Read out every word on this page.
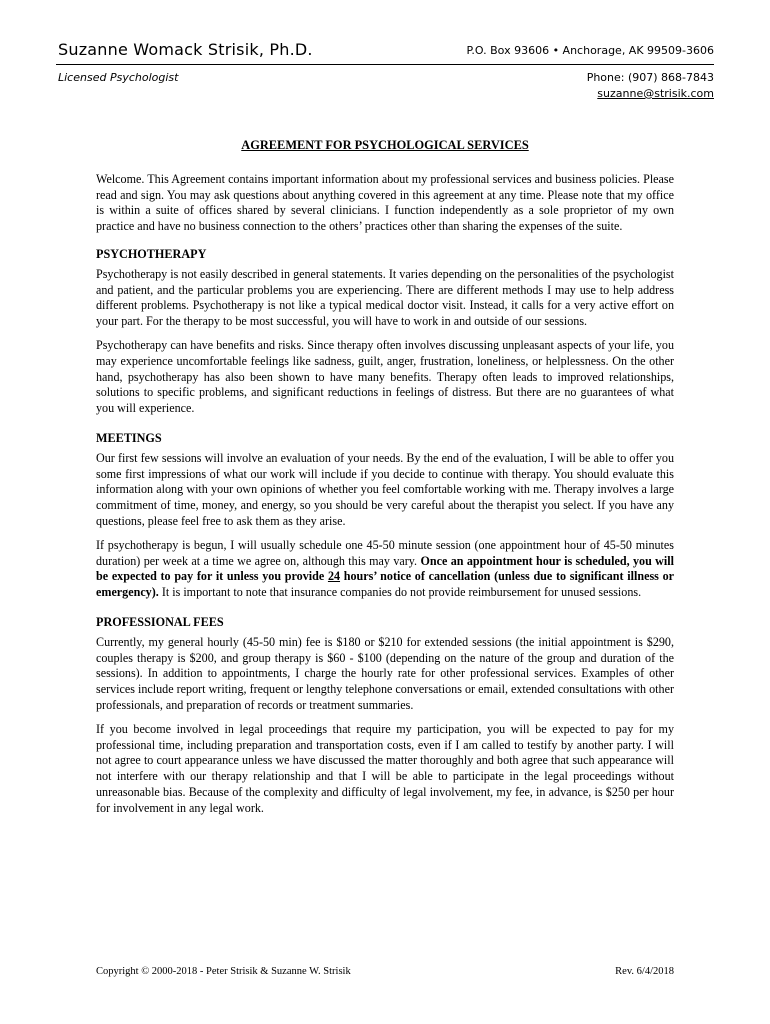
Suzanne Womack Strisik, Ph.D.	P.O. Box 93606 • Anchorage, AK 99509-3606
Licensed Psychologist	Phone: (907) 868-7843
suzanne@strisik.com
AGREEMENT FOR PSYCHOLOGICAL SERVICES

Welcome. This Agreement contains important information about my professional services and business policies. Please read and sign. You may ask questions about anything covered in this agreement at any time. Please note that my office is within a suite of offices shared by several clinicians. I function independently as a sole proprietor of my own practice and have no business connection to the others’ practices other than sharing the expenses of the suite.

PSYCHOTHERAPY

Psychotherapy is not easily described in general statements. It varies depending on the personalities of the psychologist and patient, and the particular problems you are experiencing. There are different methods I may use to help address different problems. Psychotherapy is not like a typical medical doctor visit. Instead, it calls for a very active effort on your part. For the therapy to be most successful, you will have to work in and outside of our sessions.

Psychotherapy can have benefits and risks. Since therapy often involves discussing unpleasant aspects of your life, you may experience uncomfortable feelings like sadness, guilt, anger, frustration, loneliness, or helplessness. On the other hand, psychotherapy has also been shown to have many benefits. Therapy often leads to improved relationships, solutions to specific problems, and significant reductions in feelings of distress. But there are no guarantees of what you will experience.

MEETINGS

Our first few sessions will involve an evaluation of your needs. By the end of the evaluation, I will be able to offer you some first impressions of what our work will include if you decide to continue with therapy. You should evaluate this information along with your own opinions of whether you feel comfortable working with me. Therapy involves a large commitment of time, money, and energy, so you should be very careful about the therapist you select. If you have any questions, please feel free to ask them as they arise.

If psychotherapy is begun, I will usually schedule one 45-50 minute session (one appointment hour of 45-50 minutes duration) per week at a time we agree on, although this may vary. Once an appointment hour is scheduled, you will be expected to pay for it unless you provide 24 hours’ notice of cancellation (unless due to significant illness or emergency). It is important to note that insurance companies do not provide reimbursement for unused sessions.

PROFESSIONAL FEES

Currently, my general hourly (45-50 min) fee is $180 or $210 for extended sessions (the initial appointment is $290, couples therapy is $200, and group therapy is $60 - $100 (depending on the nature of the group and duration of the sessions). In addition to appointments, I charge the hourly rate for other professional services. Examples of other services include report writing, frequent or lengthy telephone conversations or email, extended consultations with other professionals, and preparation of records or treatment summaries.

If you become involved in legal proceedings that require my participation, you will be expected to pay for my professional time, including preparation and transportation costs, even if I am called to testify by another party. I will not agree to court appearance unless we have discussed the matter thoroughly and both agree that such appearance will not interfere with our therapy relationship and that I will be able to participate in the legal proceedings without unreasonable bias. Because of the complexity and difficulty of legal involvement, my fee, in advance, is $250 per hour for involvement in any legal work.

Copyright © 2000-2018 - Peter Strisik & Suzanne W. Strisik	Rev. 6/4/2018
